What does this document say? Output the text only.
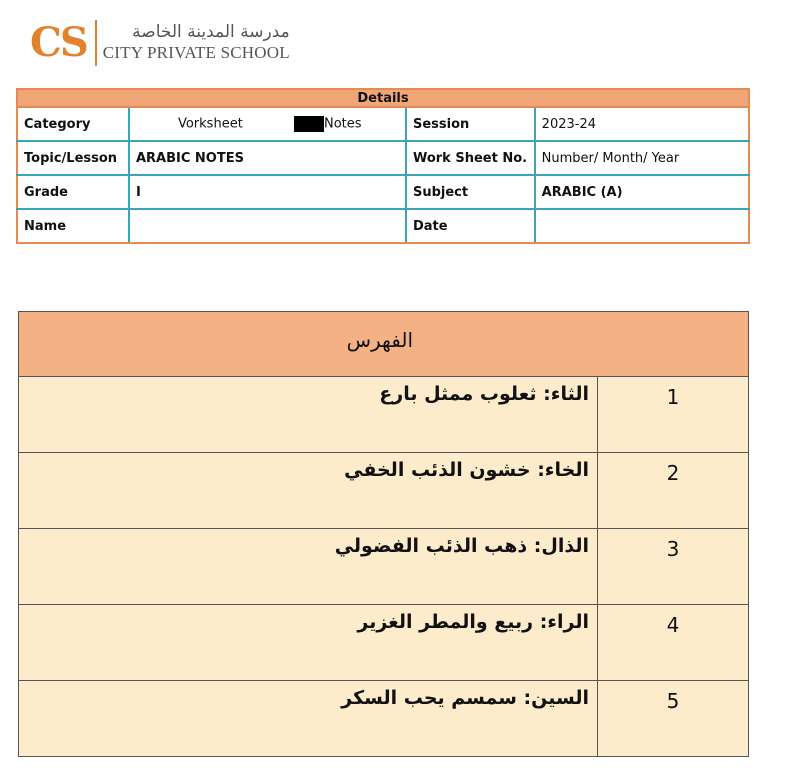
CS	مدرسة المدينة الخاصة
CITY PRIVATE SCHOOL
Details			
Category	Vorksheet Notes	Session	2023-24
Topic/Lesson	ARABIC NOTES	Work Sheet No.	Number/ Month/ Year
Grade	I	Subject	ARABIC (A)
Name		Date	
الفهرس	
الثاء: ثعلوب ممثل بارع	1
الخاء: خشون الذئب الخفي	2
الذال: ذهب الذئب الفضولي	3
الراء: ربيع والمطر الغزير	4
السين: سمسم يحب السكر	5
